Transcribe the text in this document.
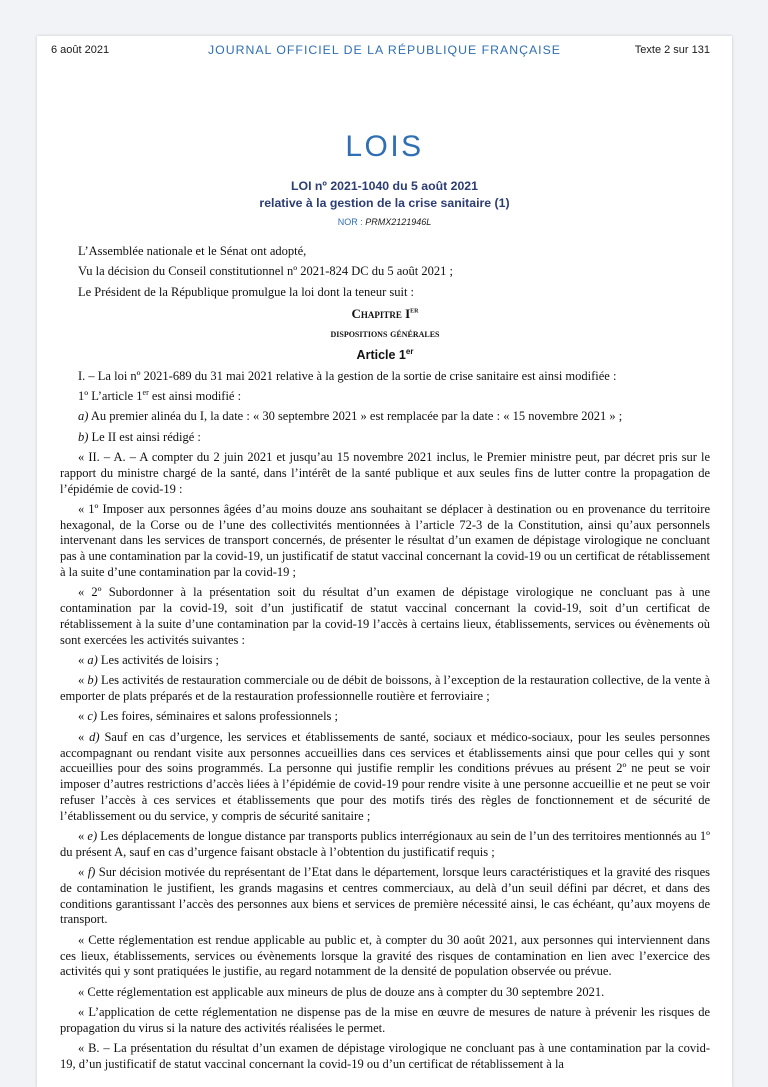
6 août 2021	JOURNAL OFFICIEL DE LA RÉPUBLIQUE FRANÇAISE	Texte 2 sur 131
LOIS
LOI nº 2021-1040 du 5 août 2021
relative à la gestion de la crise sanitaire (1)
NOR : PRMX2121946L

L’Assemblée nationale et le Sénat ont adopté,

Vu la décision du Conseil constitutionnel nº 2021-824 DC du 5 août 2021 ;

Le Président de la République promulgue la loi dont la teneur suit :

Chapitre Ier

dispositions générales

Article 1er

I. – La loi nº 2021-689 du 31 mai 2021 relative à la gestion de la sortie de crise sanitaire est ainsi modifiée :

1º L’article 1er est ainsi modifié :

a) Au premier alinéa du I, la date : « 30 septembre 2021 » est remplacée par la date : « 15 novembre 2021 » ;

b) Le II est ainsi rédigé :

« II. – A. – A compter du 2 juin 2021 et jusqu’au 15 novembre 2021 inclus, le Premier ministre peut, par décret pris sur le rapport du ministre chargé de la santé, dans l’intérêt de la santé publique et aux seules fins de lutter contre la propagation de l’épidémie de covid-19 :

« 1º Imposer aux personnes âgées d’au moins douze ans souhaitant se déplacer à destination ou en provenance du territoire hexagonal, de la Corse ou de l’une des collectivités mentionnées à l’article 72-3 de la Constitution, ainsi qu’aux personnels intervenant dans les services de transport concernés, de présenter le résultat d’un examen de dépistage virologique ne concluant pas à une contamination par la covid-19, un justificatif de statut vaccinal concernant la covid-19 ou un certificat de rétablissement à la suite d’une contamination par la covid-19 ;

« 2º Subordonner à la présentation soit du résultat d’un examen de dépistage virologique ne concluant pas à une contamination par la covid-19, soit d’un justificatif de statut vaccinal concernant la covid-19, soit d’un certificat de rétablissement à la suite d’une contamination par la covid-19 l’accès à certains lieux, établissements, services ou évènements où sont exercées les activités suivantes :

« a) Les activités de loisirs ;

« b) Les activités de restauration commerciale ou de débit de boissons, à l’exception de la restauration collective, de la vente à emporter de plats préparés et de la restauration professionnelle routière et ferroviaire ;

« c) Les foires, séminaires et salons professionnels ;

« d) Sauf en cas d’urgence, les services et établissements de santé, sociaux et médico-sociaux, pour les seules personnes accompagnant ou rendant visite aux personnes accueillies dans ces services et établissements ainsi que pour celles qui y sont accueillies pour des soins programmés. La personne qui justifie remplir les conditions prévues au présent 2º ne peut se voir imposer d’autres restrictions d’accès liées à l’épidémie de covid-19 pour rendre visite à une personne accueillie et ne peut se voir refuser l’accès à ces services et établissements que pour des motifs tirés des règles de fonctionnement et de sécurité de l’établissement ou du service, y compris de sécurité sanitaire ;

« e) Les déplacements de longue distance par transports publics interrégionaux au sein de l’un des territoires mentionnés au 1º du présent A, sauf en cas d’urgence faisant obstacle à l’obtention du justificatif requis ;

« f) Sur décision motivée du représentant de l’Etat dans le département, lorsque leurs caractéristiques et la gravité des risques de contamination le justifient, les grands magasins et centres commerciaux, au delà d’un seuil défini par décret, et dans des conditions garantissant l’accès des personnes aux biens et services de première nécessité ainsi, le cas échéant, qu’aux moyens de transport.

« Cette réglementation est rendue applicable au public et, à compter du 30 août 2021, aux personnes qui interviennent dans ces lieux, établissements, services ou évènements lorsque la gravité des risques de contamination en lien avec l’exercice des activités qui y sont pratiquées le justifie, au regard notamment de la densité de population observée ou prévue.

« Cette réglementation est applicable aux mineurs de plus de douze ans à compter du 30 septembre 2021.

« L’application de cette réglementation ne dispense pas de la mise en œuvre de mesures de nature à prévenir les risques de propagation du virus si la nature des activités réalisées le permet.

« B. – La présentation du résultat d’un examen de dépistage virologique ne concluant pas à une contamination par la covid-19, d’un justificatif de statut vaccinal concernant la covid-19 ou d’un certificat de rétablissement à la
